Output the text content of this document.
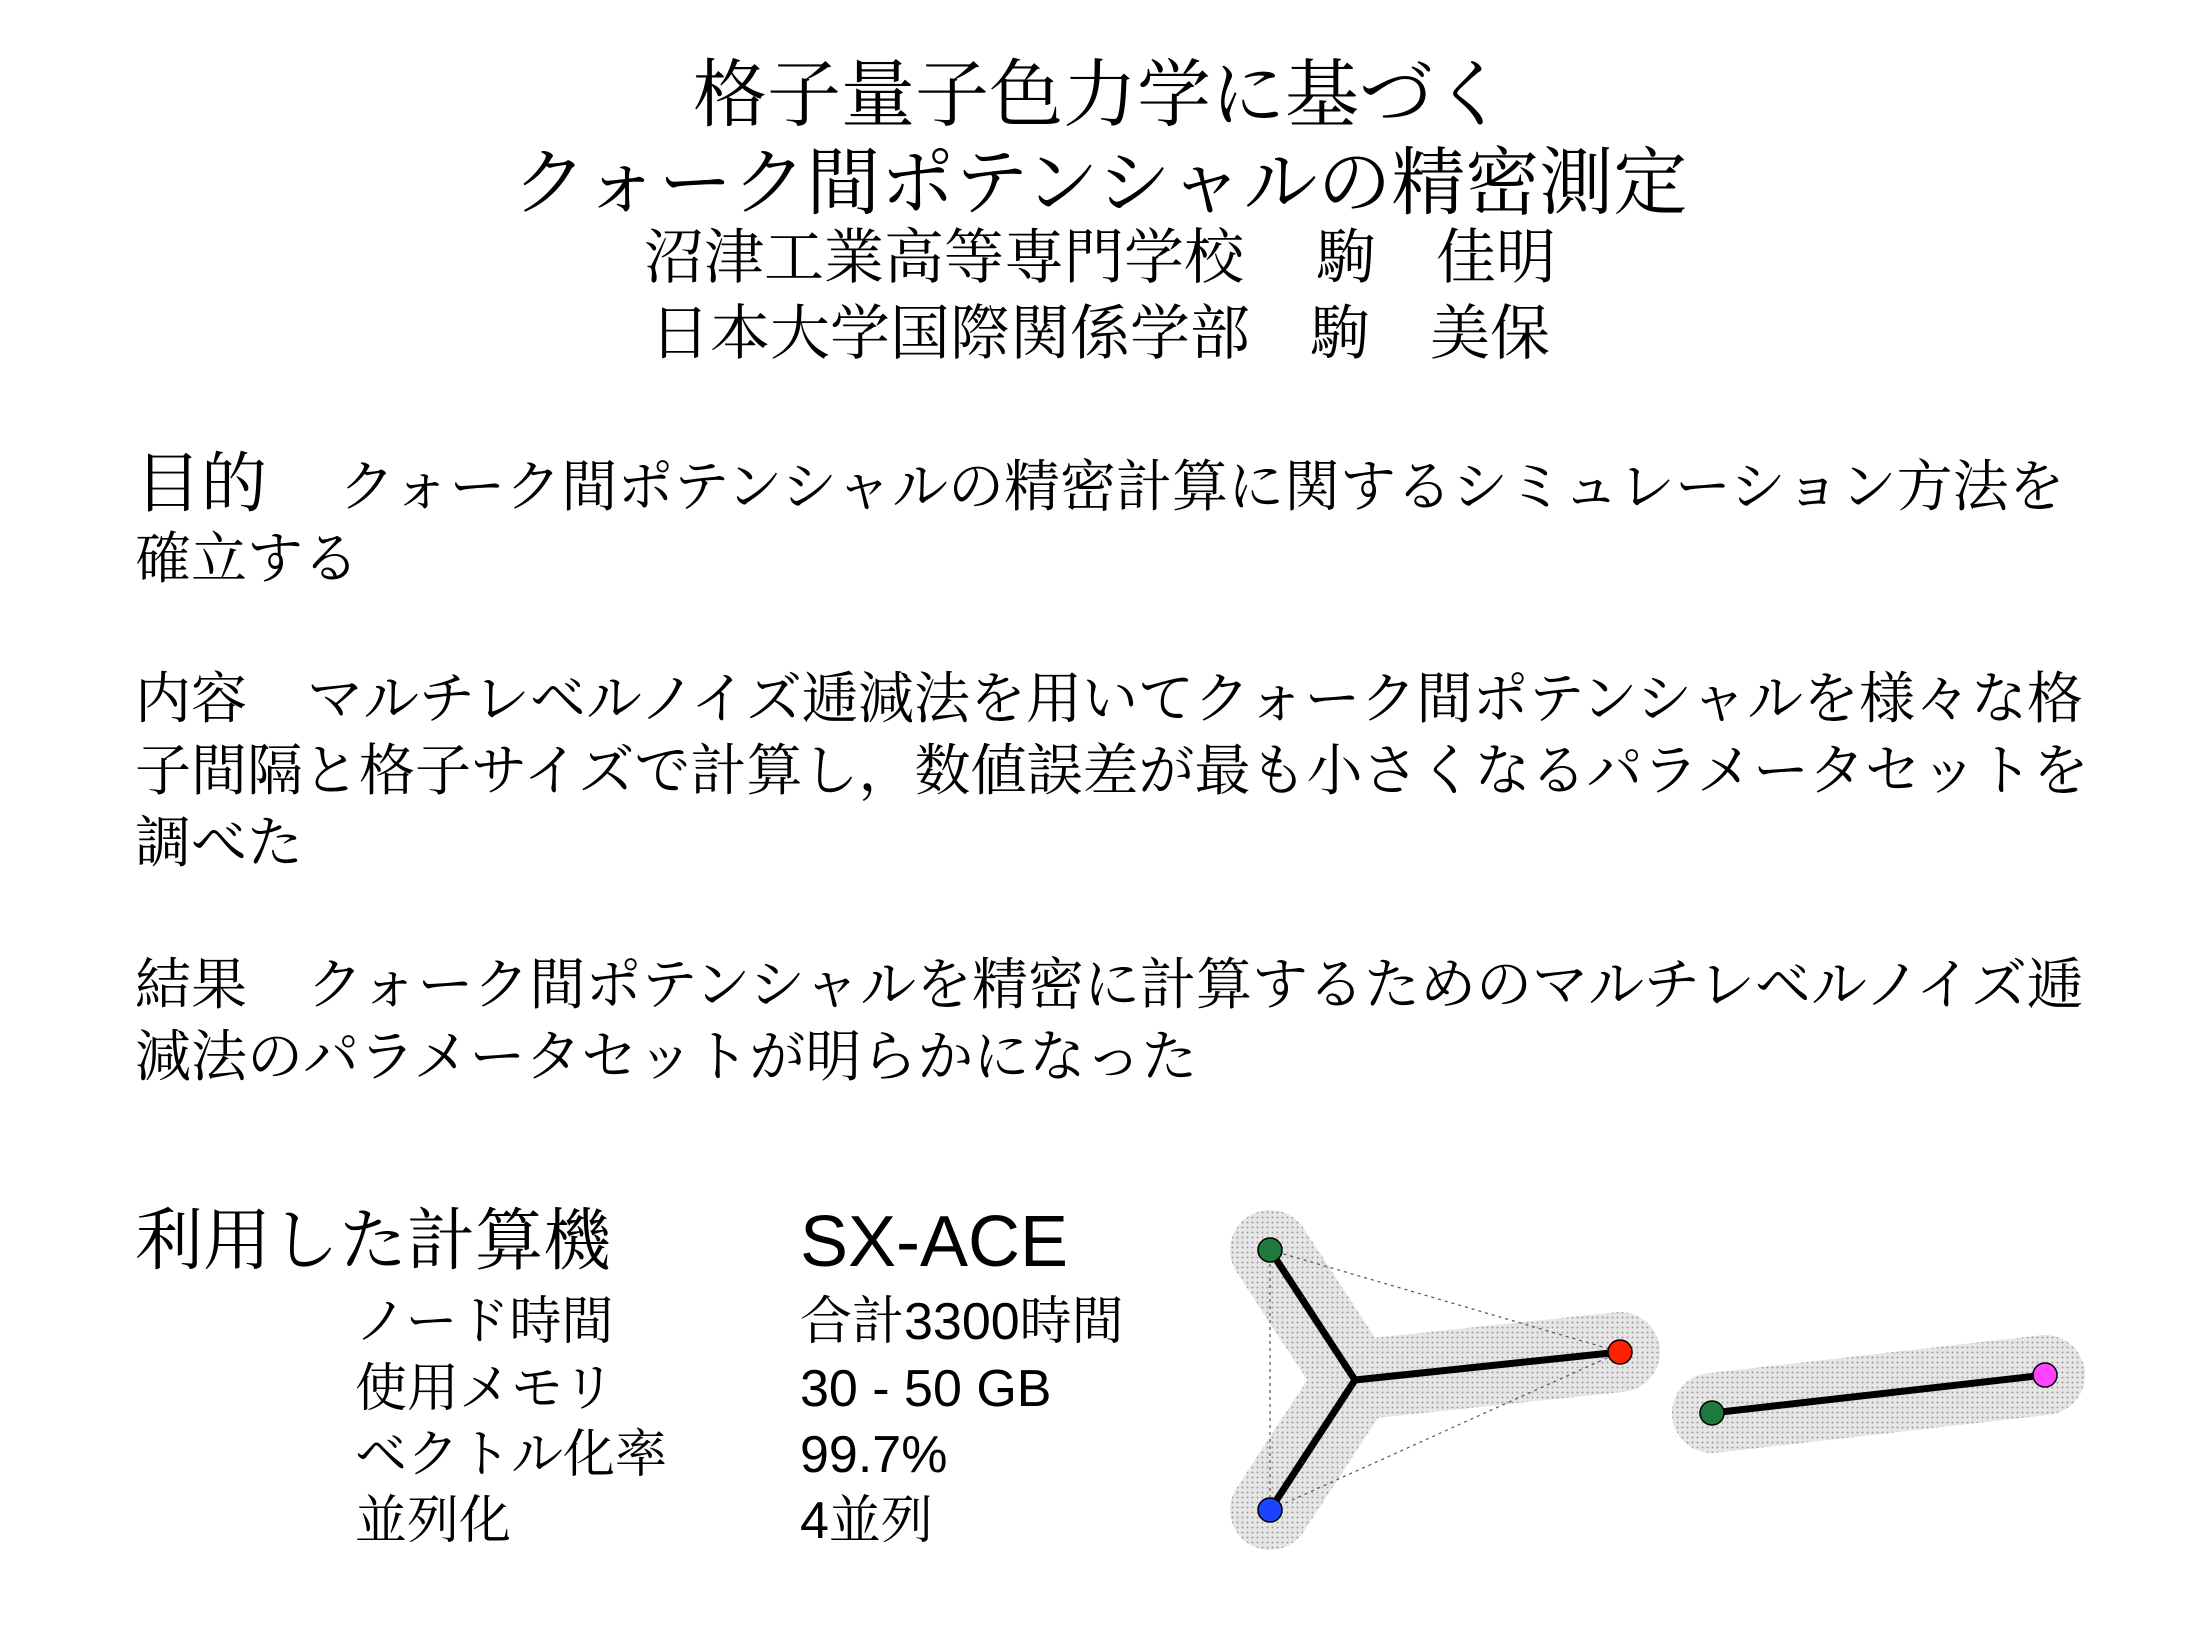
格子量子色力学に基づく
クォーク間ポテンシャルの精密測定
沼津工業高等専門学校 駒　佳明
日本大学国際関係学部 駒　美保
目的 クォーク間ポテンシャルの精密計算に関するシミュレーション方法を確立する
内容 マルチレベルノイズ逓減法を用いてクォーク間ポテンシャルを様々な格子間隔と格子サイズで計算し，数値誤差が最も小さくなるパラメータセットを調べた
結果 クォーク間ポテンシャルを精密に計算するためのマルチレベルノイズ逓減法のパラメータセットが明らかになった
利用した計算機	SX-ACE
ノード時間	合計3300時間
使用メモリ	30 - 50 GB
ベクトル化率	99.7%
並列化	4並列
